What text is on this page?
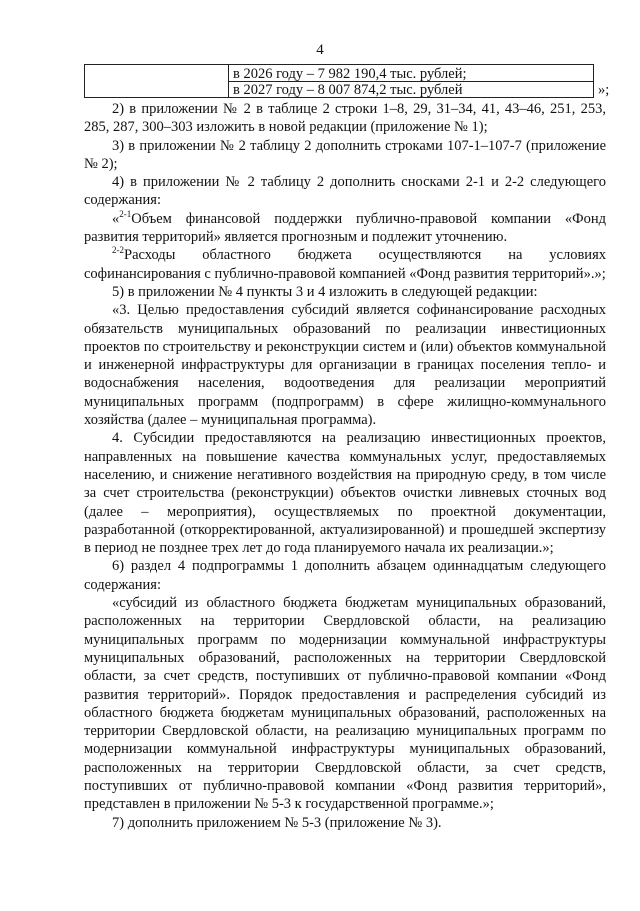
4
в 2026 году – 7 982 190,4 тыс. рублей;
в 2027 году – 8 007 874,2 тыс. рублей	»;

2) в приложении № 2 в таблице 2 строки 1–8, 29, 31–34, 41, 43–46, 251, 253, 285, 287, 300–303 изложить в новой редакции (приложение № 1);

3) в приложении № 2 таблицу 2 дополнить строками 107-1–107-7 (приложение № 2);

4) в приложении № 2 таблицу 2 дополнить сносками 2-1 и 2-2 следующего содержания:

«$^{2-1}$Объем финансовой поддержки публично-правовой компании «Фонд развития территорий» является прогнозным и подлежит уточнению.

$^{2-2}$Расходы областного бюджета осуществляются на условиях софинансирования с публично-правовой компанией «Фонд развития территорий».»;

5) в приложении № 4 пункты 3 и 4 изложить в следующей редакции:

«3. Целью предоставления субсидий является софинансирование расходных обязательств муниципальных образований по реализации инвестиционных проектов по строительству и реконструкции систем и (или) объектов коммунальной и инженерной инфраструктуры для организации в границах поселения тепло- и водоснабжения населения, водоотведения для реализации мероприятий муниципальных программ (подпрограмм) в сфере жилищно-коммунального хозяйства (далее – муниципальная программа).

4. Субсидии предоставляются на реализацию инвестиционных проектов, направленных на повышение качества коммунальных услуг, предоставляемых населению, и снижение негативного воздействия на природную среду, в том числе за счет строительства (реконструкции) объектов очистки ливневых сточных вод (далее – мероприятия), осуществляемых по проектной документации, разработанной (откорректированной, актуализированной) и прошедшей экспертизу в период не позднее трех лет до года планируемого начала их реализации.»;

6) раздел 4 подпрограммы 1 дополнить абзацем одиннадцатым следующего содержания:

«субсидий из областного бюджета бюджетам муниципальных образований, расположенных на территории Свердловской области, на реализацию муниципальных программ по модернизации коммунальной инфраструктуры муниципальных образований, расположенных на территории Свердловской области, за счет средств, поступивших от публично-правовой компании «Фонд развития территорий». Порядок предоставления и распределения субсидий из областного бюджета бюджетам муниципальных образований, расположенных на территории Свердловской области, на реализацию муниципальных программ по модернизации коммунальной инфраструктуры муниципальных образований, расположенных на территории Свердловской области, за счет средств, поступивших от публично-правовой компании «Фонд развития территорий», представлен в приложении № 5-3 к государственной программе.»;

7) дополнить приложением № 5-3 (приложение № 3).
